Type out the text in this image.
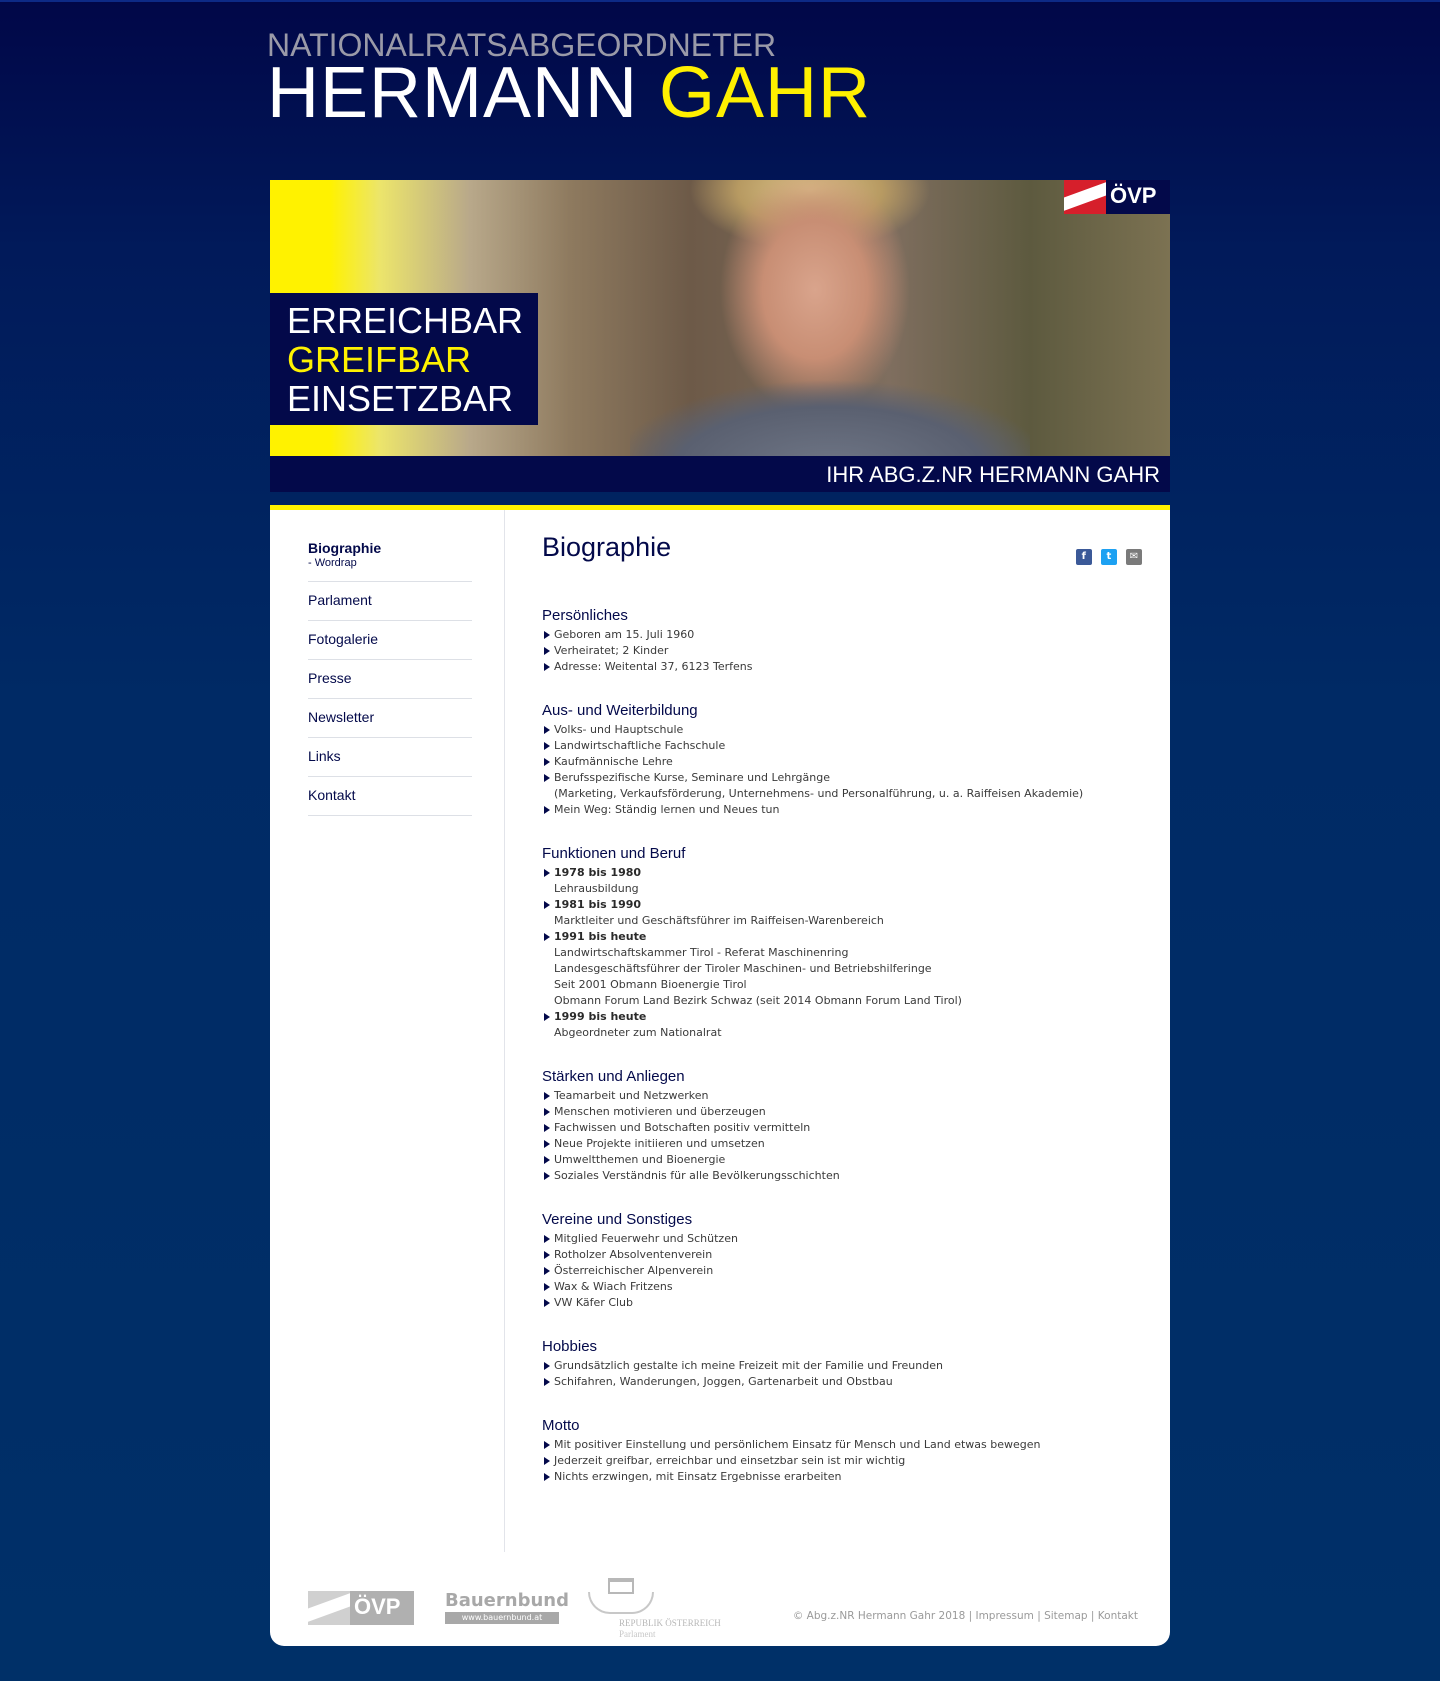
NATIONALRATSABGEORDNETER
HERMANN GAHR
ERREICHBAR
GREIFBAR
EINSETZBAR
ÖVP
IHR ABG.Z.NR HERMANN GAHR
Biographie
- Wordrap
Parlament
Fotogalerie
Presse
Newsletter
Links
Kontakt
Biographie	f t ✉
Persönliches
Geboren am 15. Juli 1960
Verheiratet; 2 Kinder
Adresse: Weitental 37, 6123 Terfens
Aus- und Weiterbildung
Volks- und Hauptschule
Landwirtschaftliche Fachschule
Kaufmännische Lehre
Berufsspezifische Kurse, Seminare und Lehrgänge
(Marketing, Verkaufsförderung, Unternehmens- und Personalführung, u. a. Raiffeisen Akademie)
Mein Weg: Ständig lernen und Neues tun
Funktionen und Beruf
1978 bis 1980
Lehrausbildung
1981 bis 1990
Marktleiter und Geschäftsführer im Raiffeisen-Warenbereich
1991 bis heute
Landwirtschaftskammer Tirol - Referat Maschinenring
Landesgeschäftsführer der Tiroler Maschinen- und Betriebshilferinge
Seit 2001 Obmann Bioenergie Tirol
Obmann Forum Land Bezirk Schwaz (seit 2014 Obmann Forum Land Tirol)
1999 bis heute
Abgeordneter zum Nationalrat
Stärken und Anliegen
Teamarbeit und Netzwerken
Menschen motivieren und überzeugen
Fachwissen und Botschaften positiv vermitteln
Neue Projekte initiieren und umsetzen
Umweltthemen und Bioenergie
Soziales Verständnis für alle Bevölkerungsschichten
Vereine und Sonstiges
Mitglied Feuerwehr und Schützen
Rotholzer Absolventenverein
Österreichischer Alpenverein
Wax & Wiach Fritzens
VW Käfer Club
Hobbies
Grundsätzlich gestalte ich meine Freizeit mit der Familie und Freunden
Schifahren, Wanderungen, Joggen, Gartenarbeit und Obstbau
Motto
Mit positiver Einstellung und persönlichem Einsatz für Mensch und Land etwas bewegen
Jederzeit greifbar, erreichbar und einsetzbar sein ist mir wichtig
Nichts erzwingen, mit Einsatz Ergebnisse erarbeiten
ÖVP Bauernbund
www.bauernbund.at
REPUBLIK ÖSTERREICH
Parlament
© Abg.z.NR Hermann Gahr 2018 | Impressum | Sitemap | Kontakt
